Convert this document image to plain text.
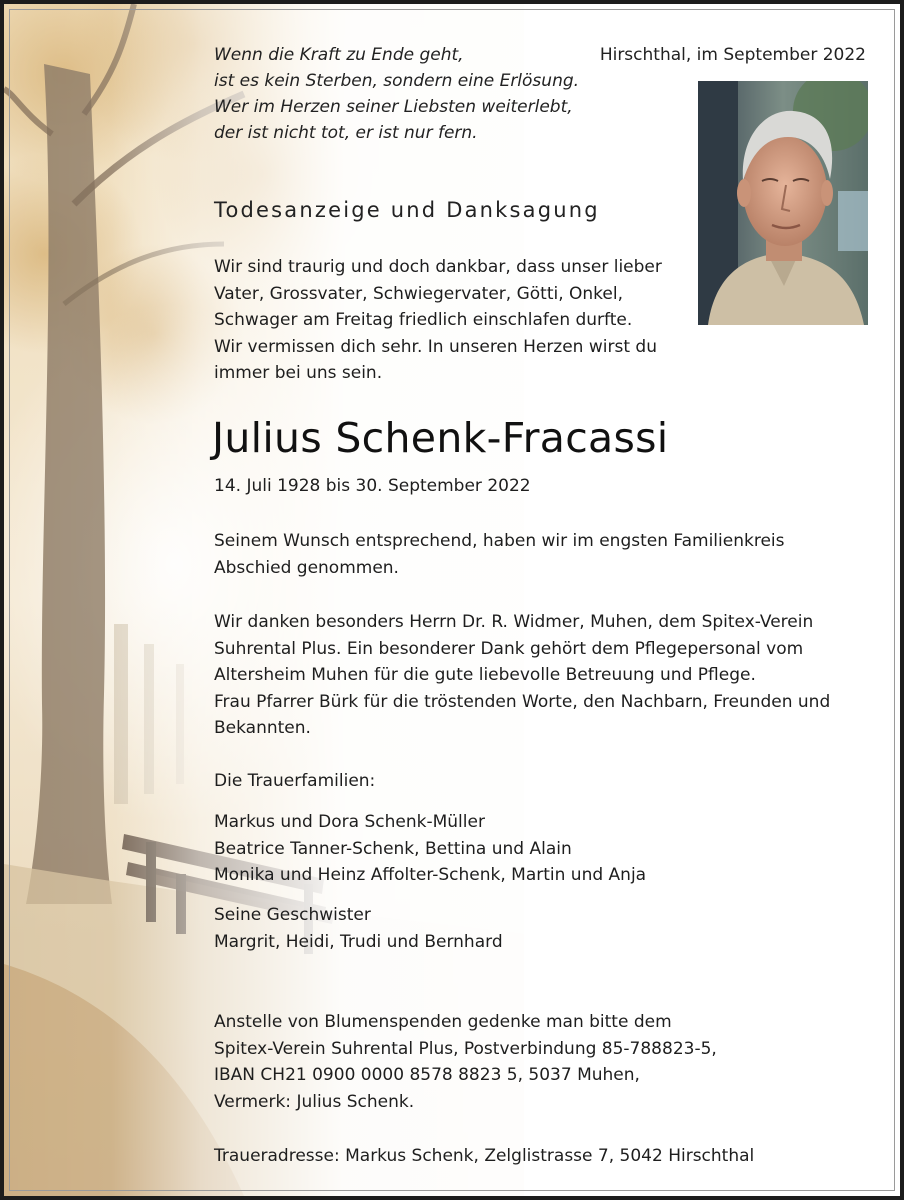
Wenn die Kraft zu Ende geht,
ist es kein Sterben, sondern eine Erlösung.
Wer im Herzen seiner Liebsten weiterlebt,
der ist nicht tot, er ist nur fern.
Hirschthal, im September 2022
Todesanzeige und Danksagung
Wir sind traurig und doch dankbar, dass unser lieber
Vater, Grossvater, Schwiegervater, Götti, Onkel,
Schwager am Freitag friedlich einschlafen durfte.
Wir vermissen dich sehr. In unseren Herzen wirst du
immer bei uns sein.
Julius Schenk-Fracassi
14. Juli 1928 bis 30. September 2022
Seinem Wunsch entsprechend, haben wir im engsten Familienkreis
Abschied genommen.
Wir danken besonders Herrn Dr. R. Widmer, Muhen, dem Spitex-Verein
Suhrental Plus. Ein besonderer Dank gehört dem Pflegepersonal vom
Altersheim Muhen für die gute liebevolle Betreuung und Pflege.
Frau Pfarrer Bürk für die tröstenden Worte, den Nachbarn, Freunden und
Bekannten.
Die Trauerfamilien:
Markus und Dora Schenk-Müller
Beatrice Tanner-Schenk, Bettina und Alain
Monika und Heinz Affolter-Schenk, Martin und Anja
Seine Geschwister
Margrit, Heidi, Trudi und Bernhard
Anstelle von Blumenspenden gedenke man bitte dem
Spitex-Verein Suhrental Plus, Postverbindung 85-788823-5,
IBAN CH21 0900 0000 8578 8823 5, 5037 Muhen,
Vermerk: Julius Schenk.
Traueradresse: Markus Schenk, Zelglistrasse 7, 5042 Hirschthal
